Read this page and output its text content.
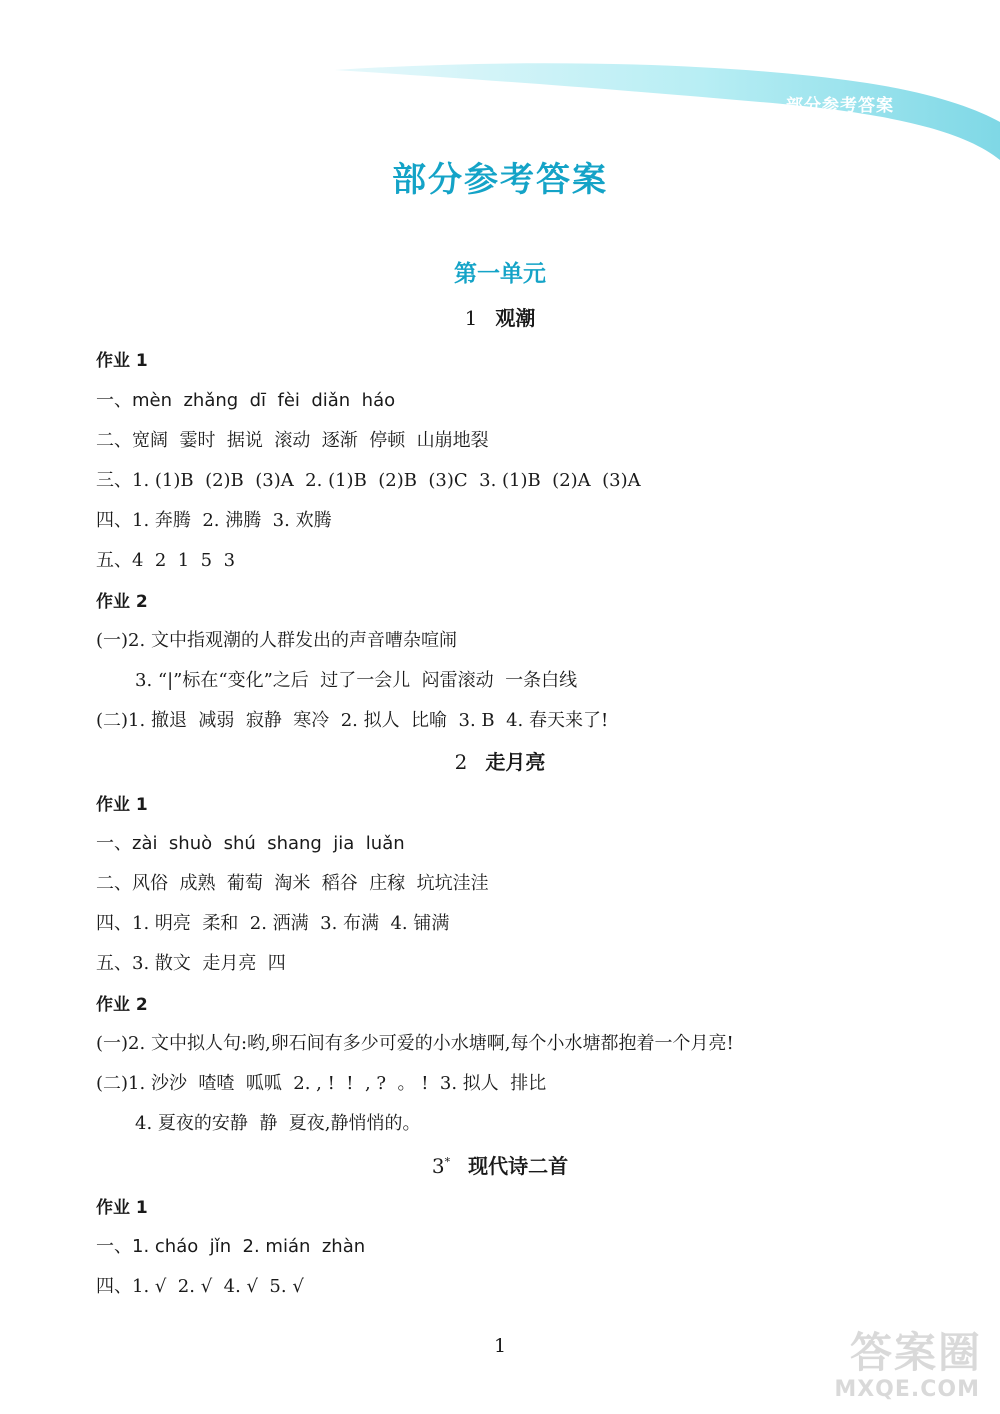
部分参考答案
部分参考答案
第一单元
1 观潮
作业 1
一、mèn  zhǎng  dī  fèi  diǎn  háo
二、宽阔  霎时  据说  滚动  逐渐  停顿  山崩地裂
三、1. (1)B  (2)B  (3)A  2. (1)B  (2)B  (3)C  3. (1)B  (2)A  (3)A
四、1. 奔腾  2. 沸腾  3. 欢腾
五、4  2  1  5  3
作业 2
(一)2. 文中指观潮的人群发出的声音嘈杂喧闹
3. “|”标在“变化”之后  过了一会儿  闷雷滚动  一条白线
(二)1. 撤退  减弱  寂静  寒冷  2. 拟人  比喻  3. B  4. 春天来了!
2 走月亮
作业 1
一、zài  shuò  shú  shang  jia  luǎn
二、风俗  成熟  葡萄  淘米  稻谷  庄稼  坑坑洼洼
四、1. 明亮  柔和  2. 洒满  3. 布满  4. 铺满
五、3. 散文  走月亮  四
作业 2
(一)2. 文中拟人句:哟,卵石间有多少可爱的小水塘啊,每个小水塘都抱着一个月亮!
(二)1. 沙沙  喳喳  呱呱  2. , !  !  , ?  。 !  3. 拟人  排比
4. 夏夜的安静  静  夏夜,静悄悄的。
3* 现代诗二首
作业 1
一、1. cháo  jǐn  2. mián  zhàn
四、1. √  2. √  4. √  5. √
1	答案圈
MXQE.COM
